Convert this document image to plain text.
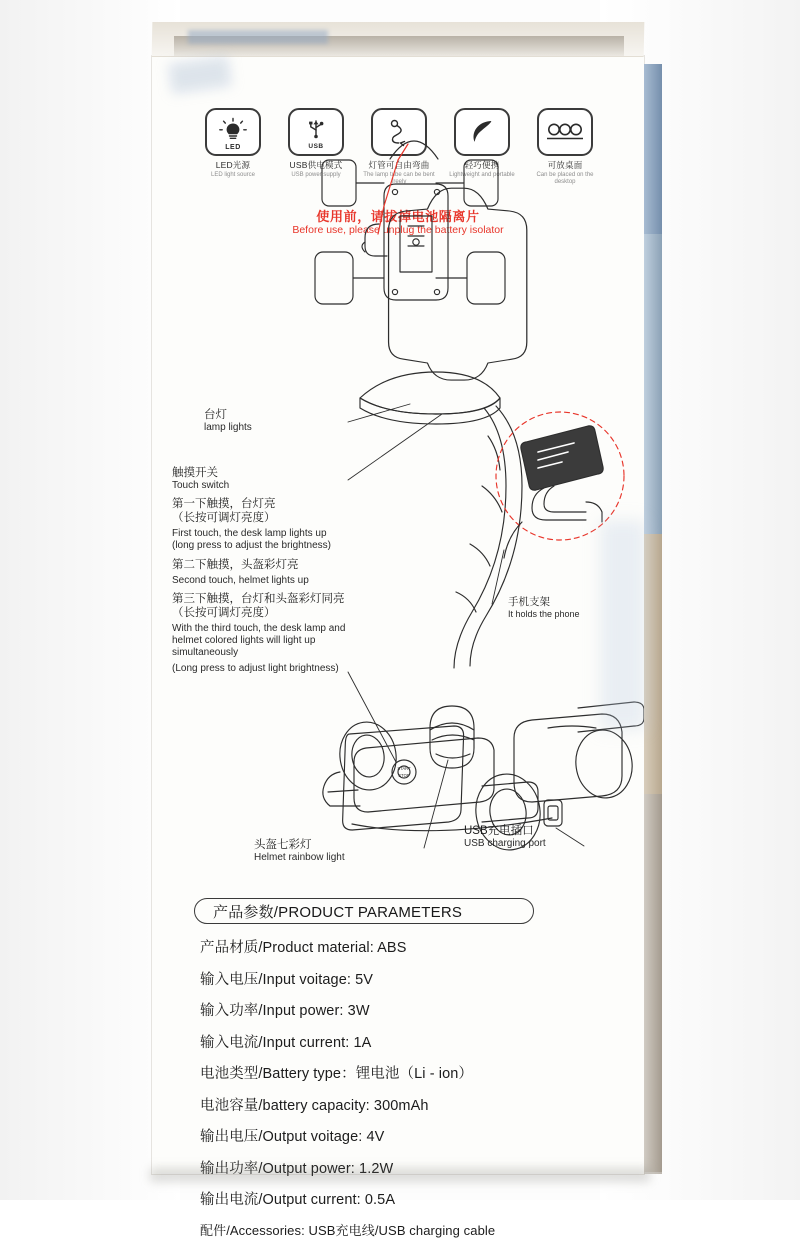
LED
LED光源
LED light source
USB
USB供电模式
USB power supply
灯管可自由弯曲
The lamp tube can be bent freely
轻巧便携
Lightweight and portable
可放桌面
Can be placed on the desktop
使用前，请拔掉电池隔离片
Before use, please unplug the battery isolator
START
STOP
台灯
lamp lights
触摸开关
Touch switch
第一下触摸，台灯亮
（长按可调灯亮度）
First touch, the desk lamp lights up
(long press to adjust the brightness)
第二下触摸，头盔彩灯亮
Second touch, helmet lights up
第三下触摸，台灯和头盔彩灯同亮
（长按可调灯亮度）
With the third touch, the desk lamp and
helmet colored lights will light up
simultaneously
(Long press to adjust light brightness)
手机支架
It holds the phone
USB充电插口
USB charging port
头盔七彩灯
Helmet rainbow light
产品参数/PRODUCT PARAMETERS
产品材质/Product material: ABS
输入电压/Input voitage: 5V
输入功率/Input power: 3W
输入电流/Input current: 1A
电池类型/Battery type：锂电池（Li - ion）
电池容量/battery capacity: 300mAh
输出电压/Output voitage: 4V
输出功率/Output power: 1.2W
输出电流/Output current: 0.5A
配件/Accessories: USB充电线/USB charging cable
